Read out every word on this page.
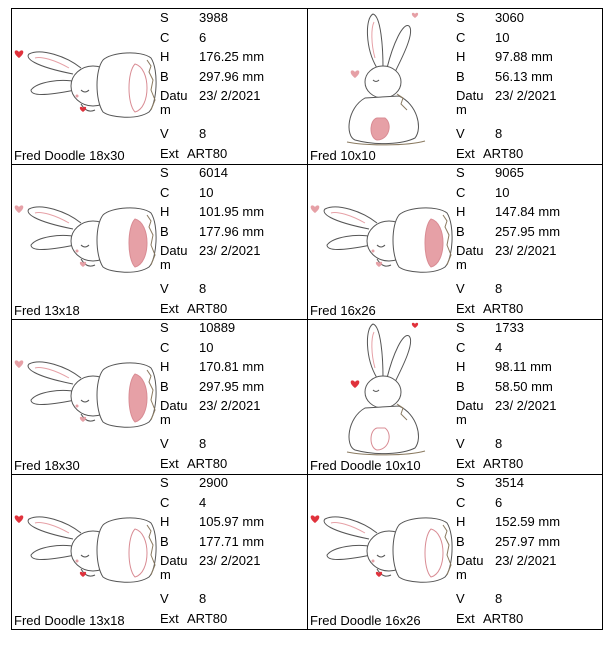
Fred Doodle 18x30
S 3988
C 6
H 176.25 mm
B 297.96 mm
Datu 23/ 2/2021
m
V 8
Ext ART80	Fred 10x10
S 3060
C 10
H 97.88 mm
B 56.13 mm
Datu 23/ 2/2021
m
V 8
Ext ART80
Fred 13x18
S 6014
C 10
H 101.95 mm
B 177.96 mm
Datu 23/ 2/2021
m
V 8
Ext ART80	Fred 16x26
S 9065
C 10
H 147.84 mm
B 257.95 mm
Datu 23/ 2/2021
m
V 8
Ext ART80
Fred 18x30
S 10889
C 10
H 170.81 mm
B 297.95 mm
Datu 23/ 2/2021
m
V 8
Ext ART80	Fred Doodle 10x10
S 1733
C 4
H 98.11 mm
B 58.50 mm
Datu 23/ 2/2021
m
V 8
Ext ART80
Fred Doodle 13x18
S 2900
C 4
H 105.97 mm
B 177.71 mm
Datu 23/ 2/2021
m
V 8
Ext ART80	Fred Doodle 16x26
S 3514
C 6
H 152.59 mm
B 257.97 mm
Datu 23/ 2/2021
m
V 8
Ext ART80
